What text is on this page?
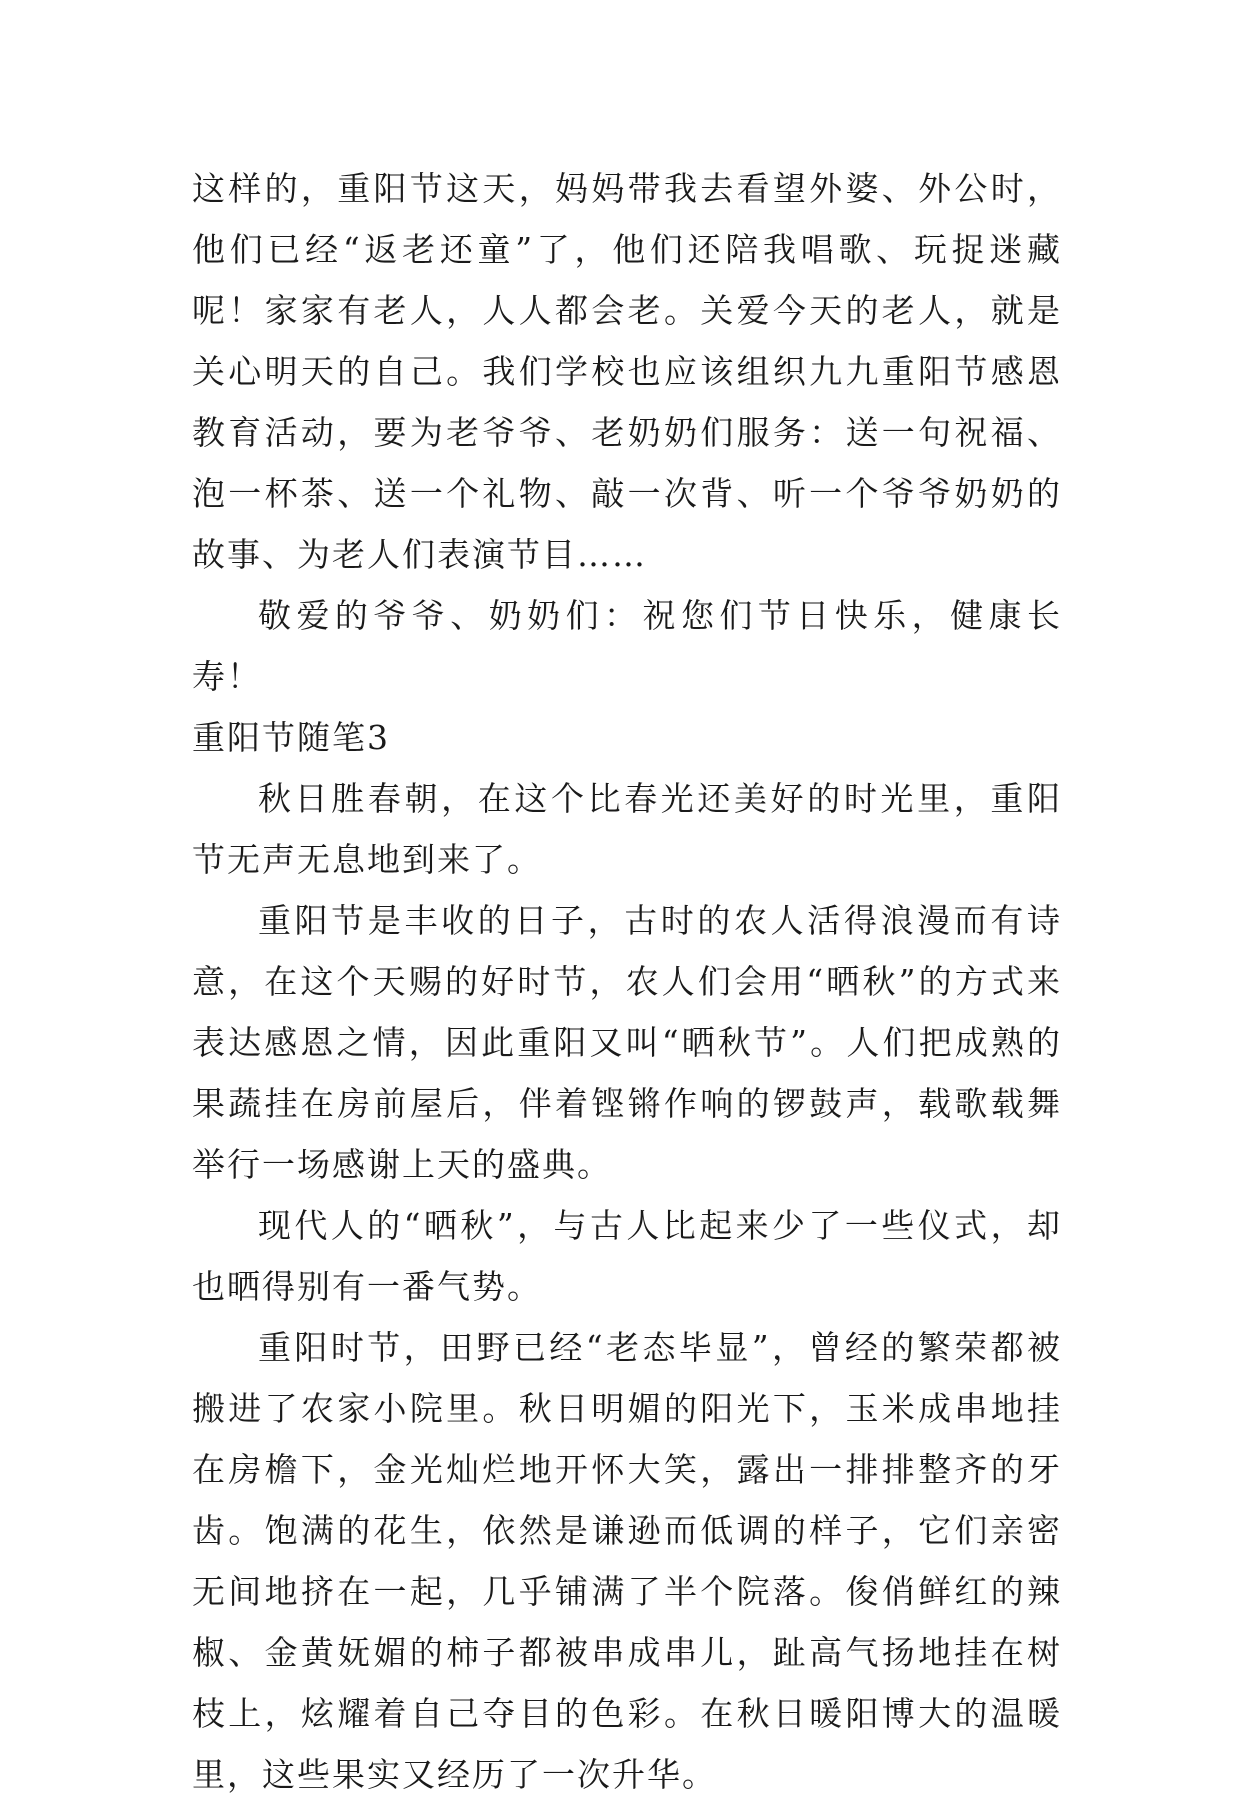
这样的，重阳节这天，妈妈带我去看望外婆、外公时，他们已经“返老还童”了，他们还陪我唱歌、玩捉迷藏呢！家家有老人，人人都会老。关爱今天的老人，就是关心明天的自己。我们学校也应该组织九九重阳节感恩教育活动，要为老爷爷、老奶奶们服务：送一句祝福、泡一杯茶、送一个礼物、敲一次背、听一个爷爷奶奶的故事、为老人们表演节目……

敬爱的爷爷、奶奶们：祝您们节日快乐，健康长寿！

重阳节随笔3

秋日胜春朝，在这个比春光还美好的时光里，重阳节无声无息地到来了。

重阳节是丰收的日子，古时的农人活得浪漫而有诗意，在这个天赐的好时节，农人们会用“晒秋”的方式来表达感恩之情，因此重阳又叫“晒秋节”。人们把成熟的果蔬挂在房前屋后，伴着铿锵作响的锣鼓声，载歌载舞举行一场感谢上天的盛典。

现代人的“晒秋”，与古人比起来少了一些仪式，却也晒得别有一番气势。

重阳时节，田野已经“老态毕显”，曾经的繁荣都被搬进了农家小院里。秋日明媚的阳光下，玉米成串地挂在房檐下，金光灿烂地开怀大笑，露出一排排整齐的牙齿。饱满的花生，依然是谦逊而低调的样子，它们亲密无间地挤在一起，几乎铺满了半个院落。俊俏鲜红的辣椒、金黄妩媚的柿子都被串成串儿，趾高气扬地挂在树枝上，炫耀着自己夺目的色彩。在秋日暖阳博大的温暖里，这些果实又经历了一次升华。
